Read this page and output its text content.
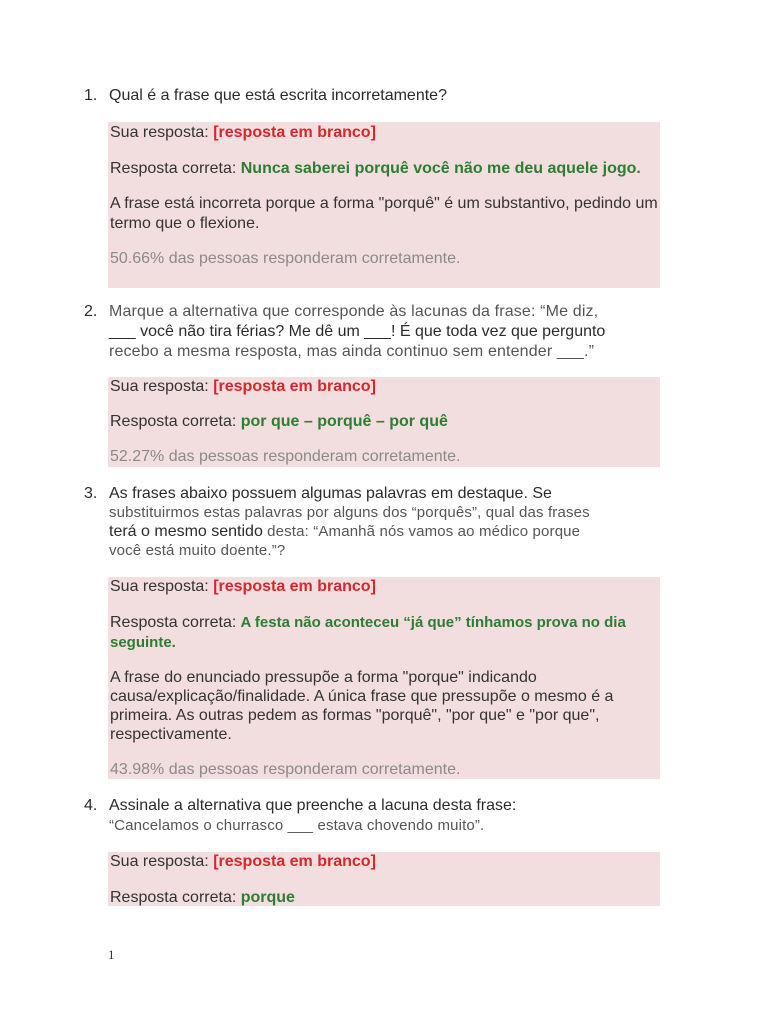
1. Qual é a frase que está escrita incorretamente?

Sua resposta: [resposta em branco]

Resposta correta: Nunca saberei porquê você não me deu aquele jogo.

A frase está incorreta porque a forma "porquê" é um substantivo, pedindo um termo que o flexione.

50.66% das pessoas responderam corretamente.

2. Marque a alternativa que corresponde às lacunas da frase: “Me diz,
___ você não tira férias? Me dê um ___! É que toda vez que pergunto
recebo a mesma resposta, mas ainda continuo sem entender ___.”

Sua resposta: [resposta em branco]

Resposta correta: por que – porquê – por quê

52.27% das pessoas responderam corretamente.

3. As frases abaixo possuem algumas palavras em destaque. Se
substituirmos estas palavras por alguns dos “porquês”, qual das frases
terá o mesmo sentido desta: “Amanhã nós vamos ao médico porque
você está muito doente.”?

Sua resposta: [resposta em branco]

Resposta correta: A festa não aconteceu “já que” tínhamos prova no dia seguinte.

A frase do enunciado pressupõe a forma "porque" indicando causa/explicação/finalidade. A única frase que pressupõe o mesmo é a primeira. As outras pedem as formas "porquê", "por que" e "por que", respectivamente.

43.98% das pessoas responderam corretamente.

4. Assinale a alternativa que preenche a lacuna desta frase:
“Cancelamos o churrasco ___ estava chovendo muito”.

Sua resposta: [resposta em branco]

Resposta correta: porque

1
